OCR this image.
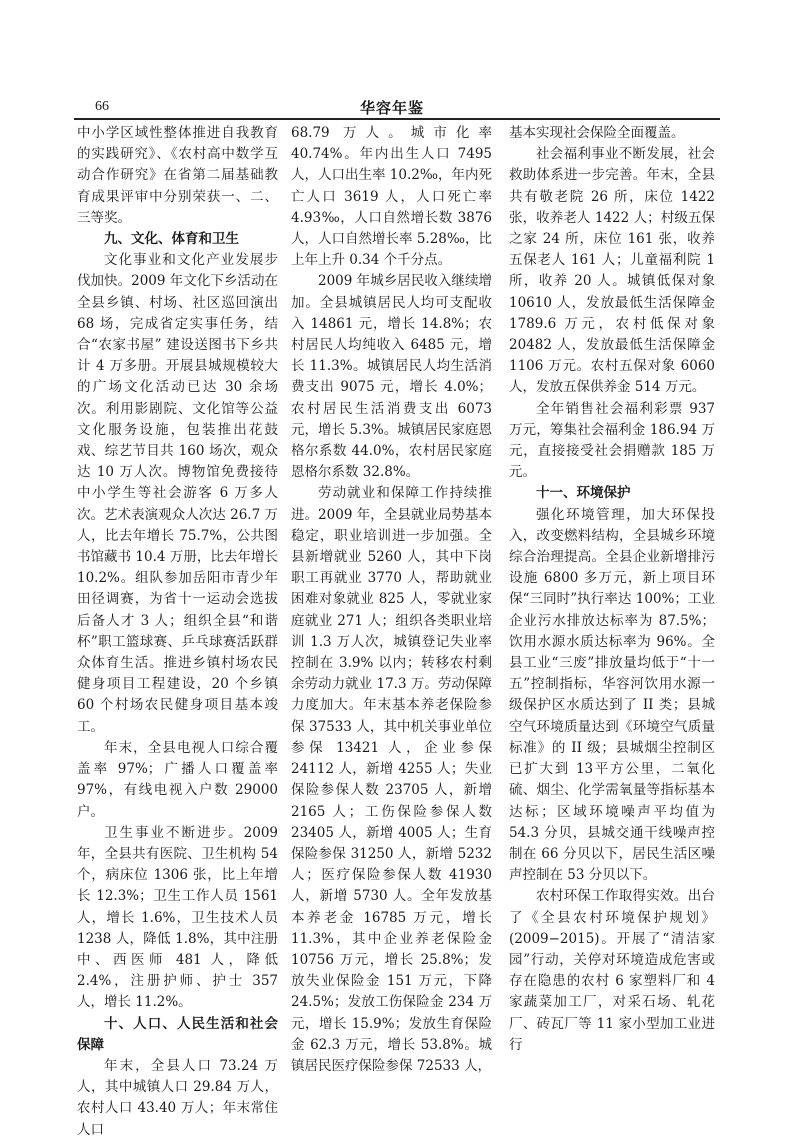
66	华容年鉴

中小学区域性整体推进自我教育的实践研究》、《农村高中数学互动合作研究》在省第二届基础教育成果评审中分别荣获一、二、三等奖。

九、文化、体育和卫生

文化事业和文化产业发展步伐加快。2009 年文化下乡活动在全县乡镇、村场、社区巡回演出 68 场，完成省定实事任务，结合“农家书屋” 建设送图书下乡共计 4 万多册。开展县城规模较大的广场文化活动已达 30 余场次。利用影剧院、文化馆等公益文化服务设施，包装推出花鼓戏、综艺节目共 160 场次，观众达 10 万人次。博物馆免费接待中小学生等社会游客 6 万多人次。艺术表演观众人次达 26.7 万人，比去年增长 75.7%，公共图书馆藏书 10.4 万册，比去年增长 10.2%。组队参加岳阳市青少年田径调赛，为省十一运动会选拔后备人才 3 人；组织全县“和谐杯”职工篮球赛、乒乓球赛活跃群众体育生活。推进乡镇村场农民健身项目工程建设，20 个乡镇 60 个村场农民健身项目基本竣工。

年末，全县电视人口综合覆盖率 97%；广播人口覆盖率 97%，有线电视入户数 29000 户。

卫生事业不断进步。2009 年，全县共有医院、卫生机构 54 个，病床位 1306 张，比上年增长 12.3%；卫生工作人员 1561 人，增长 1.6%，卫生技术人员 1238 人，降低 1.8%，其中注册中、西医师 481 人，降低 2.4%，注册护师、护士 357 人，增长 11.2%。

十、人口、人民生活和社会保障

年末，全县人口 73.24 万人，其中城镇人口 29.84 万人，农村人口 43.40 万人；年末常住人口

68.79 万人。城市化率 40.74%。年内出生人口 7495 人，人口出生率 10.2‰，年内死亡人口 3619 人，人口死亡率 4.93‰，人口自然增长数 3876 人，人口自然增长率 5.28‰，比上年上升 0.34 个千分点。

2009 年城乡居民收入继续增加。全县城镇居民人均可支配收入 14861 元，增长 14.8%；农村居民人均纯收入 6485 元，增长 11.3%。城镇居民人均生活消费支出 9075 元，增长 4.0%；农村居民生活消费支出 6073 元，增长 5.3%。城镇居民家庭恩格尔系数 44.0%，农村居民家庭恩格尔系数 32.8%。

劳动就业和保障工作持续推进。2009 年，全县就业局势基本稳定，职业培训进一步加强。全县新增就业 5260 人，其中下岗职工再就业 3770 人，帮助就业困难对象就业 825 人，零就业家庭就业 271 人；组织各类职业培训 1.3 万人次，城镇登记失业率控制在 3.9% 以内；转移农村剩余劳动力就业 17.3 万。劳动保障力度加大。年末基本养老保险参保 37533 人，其中机关事业单位参保 13421 人，企业参保 24112 人，新增 4255 人；失业保险参保人数 23705 人，新增 2165 人；工伤保险参保人数 23405 人，新增 4005 人；生育保险参保 31250 人，新增 5232 人；医疗保险参保人数 41930 人，新增 5730 人。全年发放基本养老金 16785 万元，增长 11.3%，其中企业养老保险金 10756 万元，增长 25.8%；发放失业保险金 151 万元，下降 24.5%；发放工伤保险金 234 万元，增长 15.9%；发放生育保险金 62.3 万元，增长 53.8%。城镇居民医疗保险参保 72533 人，

基本实现社会保险全面覆盖。

社会福利事业不断发展，社会救助体系进一步完善。年末，全县共有敬老院 26 所，床位 1422 张，收养老人 1422 人；村级五保之家 24 所，床位 161 张，收养五保老人 161 人；儿童福利院 1 所，收养 20 人。城镇低保对象 10610 人，发放最低生活保障金 1789.6 万元，农村低保对象 20482 人，发放最低生活保障金 1106 万元。农村五保对象 6060 人，发放五保供养金 514 万元。

全年销售社会福利彩票 937 万元，筹集社会福利金 186.94 万元，直接接受社会捐赠款 185 万元。

十一、环境保护

强化环境管理，加大环保投入，改变燃料结构，全县城乡环境综合治理提高。全县企业新增排污设施 6800 多万元，新上项目环保“三同时”执行率达 100%；工业企业污水排放达标率为 87.5%；饮用水源水质达标率为 96%。全县工业“三废”排放量均低于“十一五”控制指标，华容河饮用水源一级保护区水质达到了 II 类；县城空气环境质量达到《环境空气质量标准》的 II 级；县城烟尘控制区已扩大到 13平方公里，二氧化硫、烟尘、化学需氧量等指标基本达标；区域环境噪声平均值为 54.3 分贝，县城交通干线噪声控制在 66 分贝以下，居民生活区噪声控制在 53 分贝以下。

农村环保工作取得实效。出台了《全县农村环境保护规划》(2009−2015)。开展了“清洁家园”行动，关停对环境造成危害或存在隐患的农村 6 家塑料厂和 4 家蔬菜加工厂，对采石场、轧花厂、砖瓦厂等 11 家小型加工业进行
